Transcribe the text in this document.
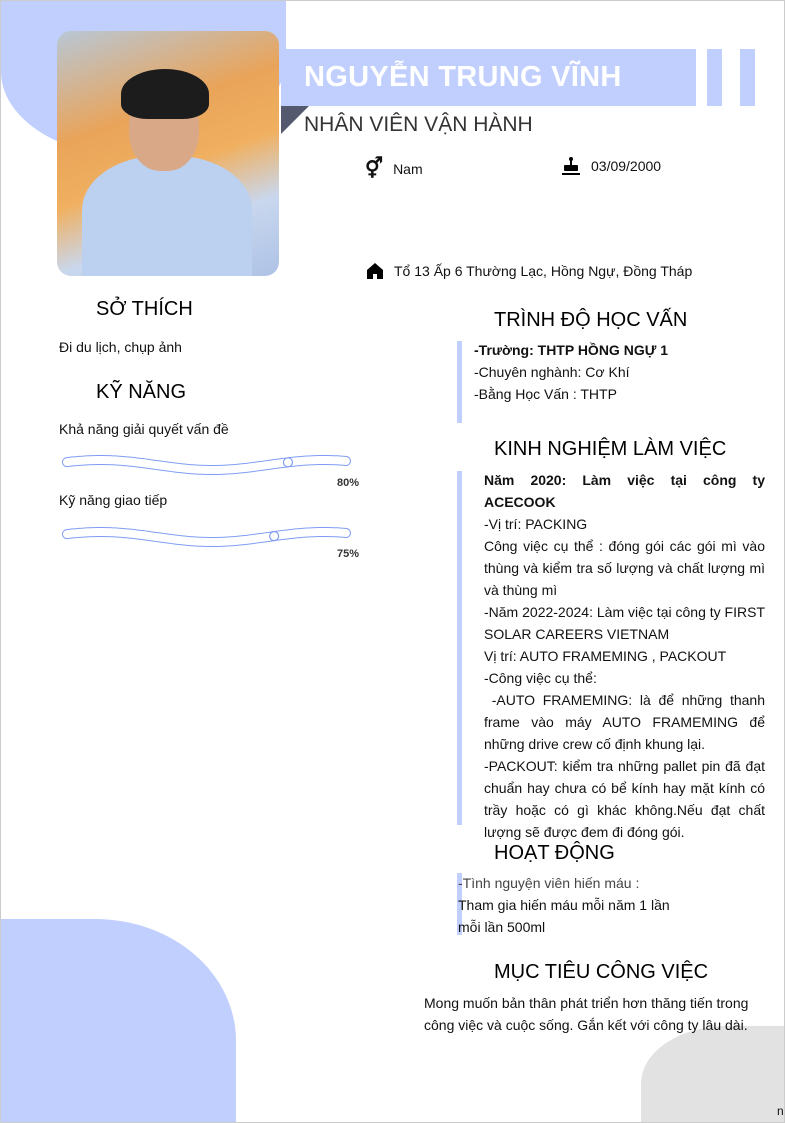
NGUYỄN TRUNG VĨNH
NHÂN VIÊN VẬN HÀNH
⚥ Nam	03/09/2000
Tổ 13 Ấp 6 Thường Lạc, Hồng Ngự, Đồng Tháp
SỞ THÍCH
Đi du lịch, chụp ảnh
KỸ NĂNG
Khả năng giải quyết vấn đề
80%
Kỹ năng giao tiếp
75%
TRÌNH ĐỘ HỌC VẤN
-Trường: THTP HỒNG NGỰ 1
-Chuyên nghành: Cơ Khí
-Bằng Học Vấn : THTP
KINH NGHIỆM LÀM VIỆC
Năm 2020: Làm việc tại công ty ACECOOK
-Vị trí: PACKING
Công việc cụ thể : đóng gói các gói mì vào thùng và kiểm tra số lượng và chất lượng mì và thùng mì
-Năm 2022-2024: Làm việc tại công ty FIRST SOLAR CAREERS VIETNAM
Vị trí: AUTO FRAMEMING , PACKOUT
-Công việc cụ thể:
-AUTO FRAMEMING: là để những thanh frame vào máy AUTO FRAMEMING để những drive crew cố định khung lại.
-PACKOUT: kiểm tra những pallet pin đã đạt chuẩn hay chưa có bể kính hay mặt kính có trầy hoặc có gì khác không.Nếu đạt chất lượng sẽ được đem đi đóng gói.
HOẠT ĐỘNG
-Tình nguyện viên hiến máu :
Tham gia hiến máu mỗi năm 1 lần
mỗi lần 500ml
MỤC TIÊU CÔNG VIỆC
Mong muốn bản thân phát triển hơn thăng tiến trong công việc và cuộc sống. Gắn kết với công ty lâu dài.
n
